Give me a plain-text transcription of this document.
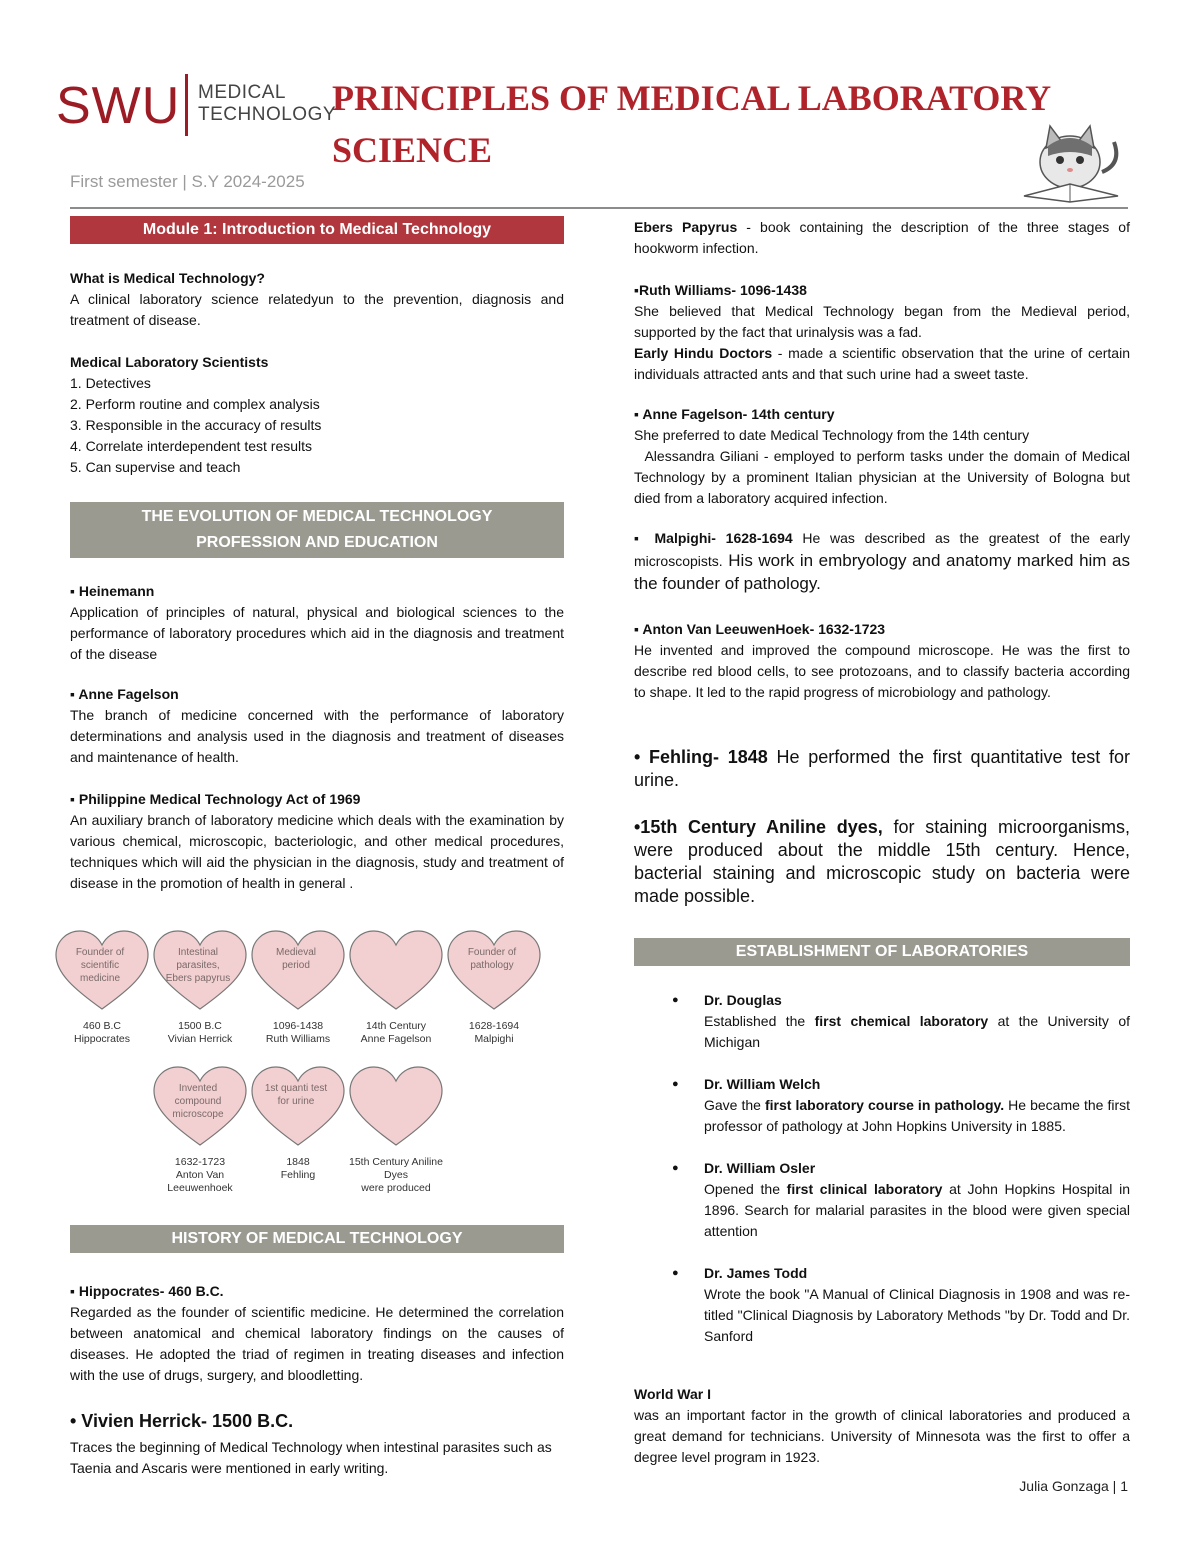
SWU MEDICAL
TECHNOLOGY
PRINCIPLES OF MEDICAL LABORATORY SCIENCE
First semester | S.Y 2024-2025
Module 1: Introduction to Medical Technology

What is Medical Technology?

A clinical laboratory science relatedyun to the prevention, diagnosis and treatment of disease.

Medical Laboratory Scientists

1. Detectives

2. Perform routine and complex analysis

3. Responsible in the accuracy of results

4. Correlate interdependent test results

5. Can supervise and teach

THE EVOLUTION OF MEDICAL TECHNOLOGY
PROFESSION AND EDUCATION

▪ Heinemann

Application of principles of natural, physical and biological sciences to the performance of laboratory procedures which aid in the diagnosis and treatment of the disease

▪ Anne Fagelson

The branch of medicine concerned with the performance of laboratory determinations and analysis used in the diagnosis and treatment of diseases and maintenance of health.

▪ Philippine Medical Technology Act of 1969

An auxiliary branch of laboratory medicine which deals with the examination by various chemical, microscopic, bacteriologic, and other medical procedures, techniques which will aid the physician in the diagnosis, study and treatment of disease in the promotion of health in general .

Founder of scientific medicine
460 B.C
Hippocrates
Intestinal parasites, Ebers papyrus
1500 B.C
Vivian Herrick
Medieval period
1096-1438
Ruth Williams
14th Century
Anne Fagelson
Founder of pathology
1628-1694
Malpighi
Invented compound microscope
1632-1723
Anton Van Leeuwenhoek
1st quanti test for urine
1848
Fehling
15th Century Aniline Dyes
were produced
HISTORY OF MEDICAL TECHNOLOGY

▪ Hippocrates- 460 B.C.

Regarded as the founder of scientific medicine. He determined the correlation between anatomical and chemical laboratory findings on the causes of diseases. He adopted the triad of regimen in treating diseases and infection with the use of drugs, surgery, and bloodletting.

• Vivien Herrick- 1500 B.C.

Traces the beginning of Medical Technology when intestinal parasites such as Taenia and Ascaris were mentioned in early writing.

Ebers Papyrus - book containing the description of the three stages of hookworm infection.

▪Ruth Williams- 1096-1438

She believed that Medical Technology began from the Medieval period, supported by the fact that urinalysis was a fad.

Early Hindu Doctors - made a scientific observation that the urine of certain individuals attracted ants and that such urine had a sweet taste.

▪ Anne Fagelson- 14th century

She preferred to date Medical Technology from the 14th century

Alessandra Giliani - employed to perform tasks under the domain of Medical Technology by a prominent Italian physician at the University of Bologna but died from a laboratory acquired infection.

▪ Malpighi- 1628-1694 He was described as the greatest of the early microscopists. His work in embryology and anatomy marked him as the founder of pathology.

▪ Anton Van LeeuwenHoek- 1632-1723

He invented and improved the compound microscope. He was the first to describe red blood cells, to see protozoans, and to classify bacteria according to shape. It led to the rapid progress of microbiology and pathology.

• Fehling- 1848 He performed the first quantitative test for urine.

•15th Century Aniline dyes, for staining microorganisms, were produced about the middle 15th century. Hence, bacterial staining and microscopic study on bacteria were made possible.

ESTABLISHMENT OF LABORATORIES
● Dr. Douglas
Established the first chemical laboratory at the University of Michigan
● Dr. William Welch
Gave the first laboratory course in pathology. He became the first professor of pathology at John Hopkins University in 1885.
● Dr. William Osler
Opened the first clinical laboratory at John Hopkins Hospital in 1896. Search for malarial parasites in the blood were given special attention
● Dr. James Todd
Wrote the book "A Manual of Clinical Diagnosis in 1908 and was re- titled "Clinical Diagnosis by Laboratory Methods "by Dr. Todd and Dr. Sanford

World War I

was an important factor in the growth of clinical laboratories and produced a great demand for technicians. University of Minnesota was the first to offer a degree level program in 1923.

Julia Gonzaga | 1
